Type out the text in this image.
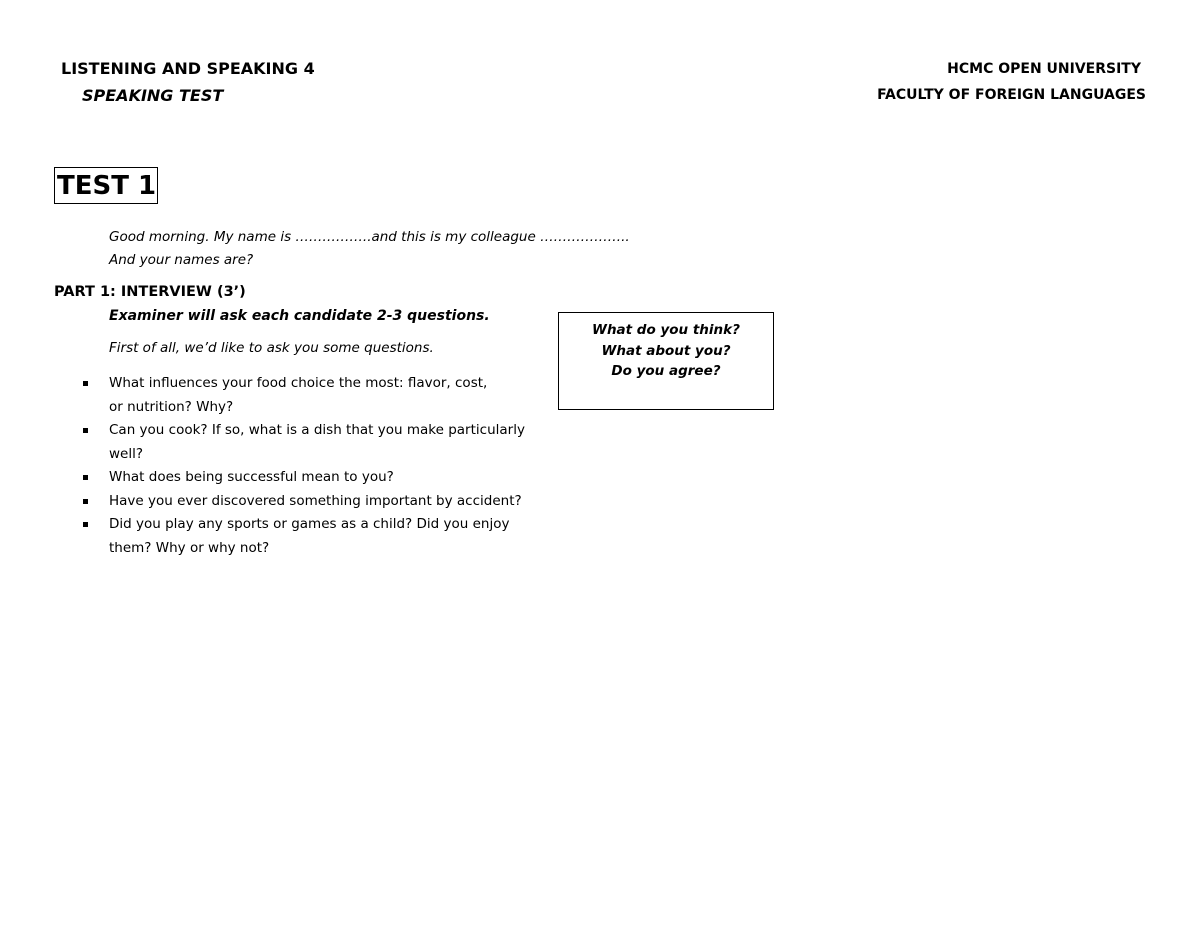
LISTENING AND SPEAKING 4
SPEAKING TEST
HCMC OPEN UNIVERSITY
FACULTY OF FOREIGN LANGUAGES
TEST 1
Good morning. My name is ……………..and this is my colleague ………………..
And your names are?
PART 1: INTERVIEW (3’)
Examiner will ask each candidate 2-3 questions.
First of all, we’d like to ask you some questions.
What influences your food choice the most: flavor, cost, or nutrition? Why?
Can you cook? If so, what is a dish that you make particularly well?
What does being successful mean to you?
Have you ever discovered something important by accident?
Did you play any sports or games as a child? Did you enjoy them? Why or why not?
What do you think?
What about you?
Do you agree?
